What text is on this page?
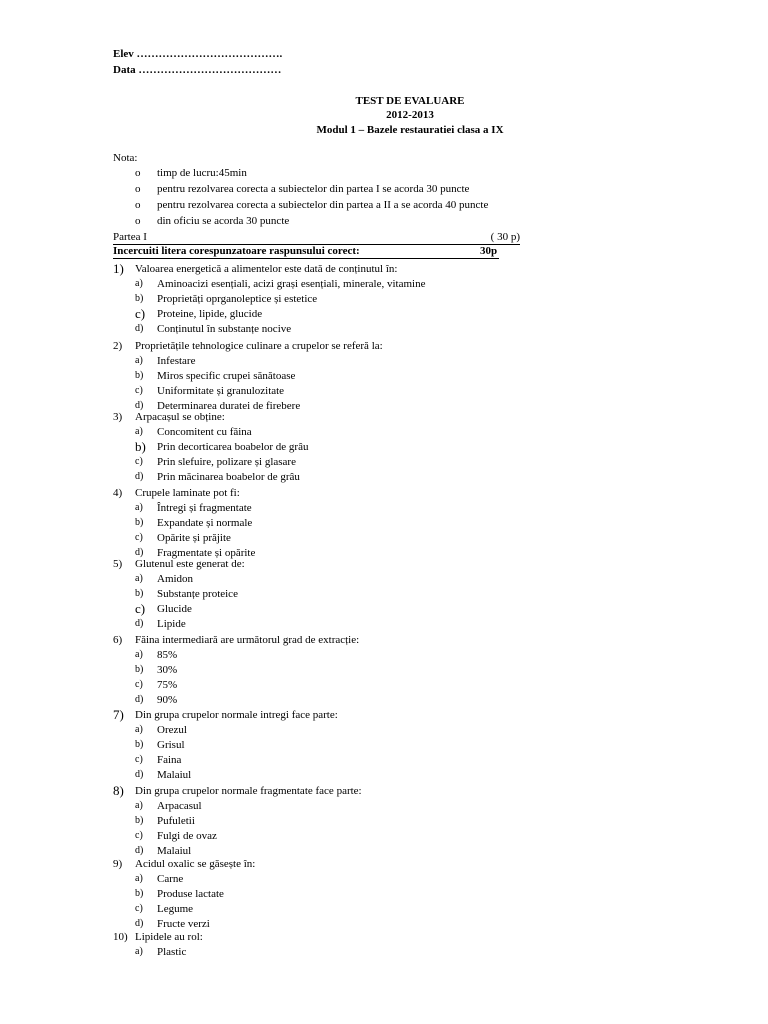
Elev ………………………………….
Data …………………………………
TEST DE EVALUARE
2012-2013
Modul 1 – Bazele restauratiei clasa a IX
Nota:
o timp de lucru:45min
o pentru rezolvarea corecta a subiectelor din partea I se acorda 30 puncte
o pentru rezolvarea corecta a subiectelor din partea a II a se acorda 40 puncte
o din oficiu se acorda 30 puncte
Partea I	( 30 p)
Incercuiti litera corespunzatoare raspunsului corect:	30p
1) Valoarea energetică a alimentelor este dată de conținutul în:
a) Aminoacizi esențiali, acizi grași esențiali, minerale, vitamine
b) Proprietăți oprganoleptice și estetice
c) Proteine, lipide, glucide
d) Conținutul în substanțe nocive
2) Proprietățile tehnologice culinare a crupelor se referă la:
a) Infestare
b) Miros specific crupei sănătoase
c) Uniformitate și granulozitate
d) Determinarea duratei de firebere
3) Arpacașul se obține:
a) Concomitent cu făina
b) Prin decorticarea boabelor de grâu
c) Prin slefuire, polizare și glasare
d) Prin măcinarea boabelor de grâu
4) Crupele laminate pot fi:
a) Întregi și fragmentate
b) Expandate și normale
c) Opărite și prăjite
d) Fragmentate și opărite
5) Glutenul este generat de:
a) Amidon
b) Substanțe proteice
c) Glucide
d) Lipide
6) Făina intermediară are următorul grad de extracție:
a) 85%
b) 30%
c) 75%
d) 90%
7) Din grupa crupelor normale intregi face parte:
a) Orezul
b) Grisul
c) Faina
d) Malaiul
8) Din grupa crupelor normale fragmentate face parte:
a) Arpacasul
b) Pufuletii
c) Fulgi de ovaz
d) Malaiul
9) Acidul oxalic se găsește în:
a) Carne
b) Produse lactate
c) Legume
d) Fructe verzi
10) Lipidele au rol:
a) Plastic
